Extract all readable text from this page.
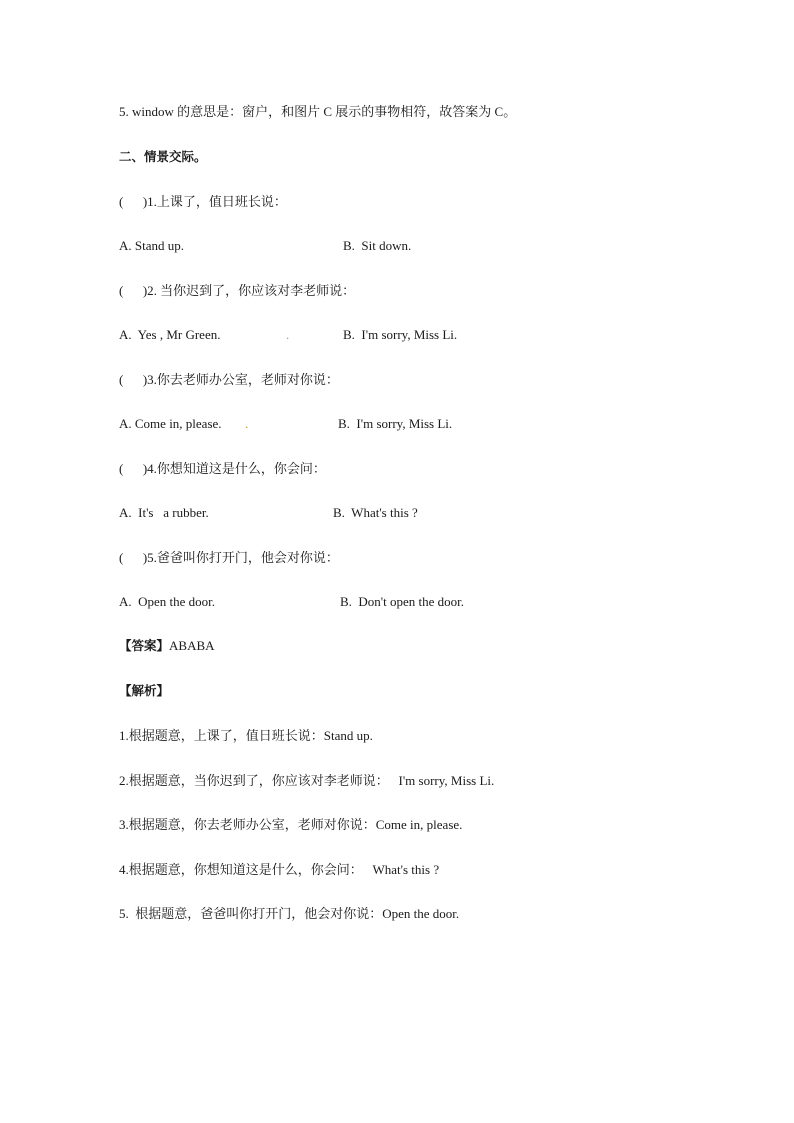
5. window 的意思是：窗户，和图片 C 展示的事物相符，故答案为 C。
二、情景交际。
(      )1.上课了，值日班长说：
A. Stand up.	B.  Sit down.
(      )2. 当你迟到了，你应该对李老师说：
A.  Yes , Mr Green.	.	B.  I'm sorry, Miss Li.
(      )3.你去老师办公室，老师对你说：
A. Come in, please. .	B.  I'm sorry, Miss Li.
(      )4.你想知道这是什么，你会问：
A.  It's   a rubber.	B.  What's this ?
(      )5.爸爸叫你打开门，他会对你说：
A.  Open the door.	B.  Don't open the door.
【答案】ABABA
【解析】
1.根据题意，上课了，值日班长说：Stand up.
2.根据题意，当你迟到了，你应该对李老师说：   I'm sorry, Miss Li.
3.根据题意，你去老师办公室，老师对你说：Come in, please.
4.根据题意，你想知道这是什么，你会问：   What's this ?
5.  根据题意，爸爸叫你打开门，他会对你说：Open the door.
